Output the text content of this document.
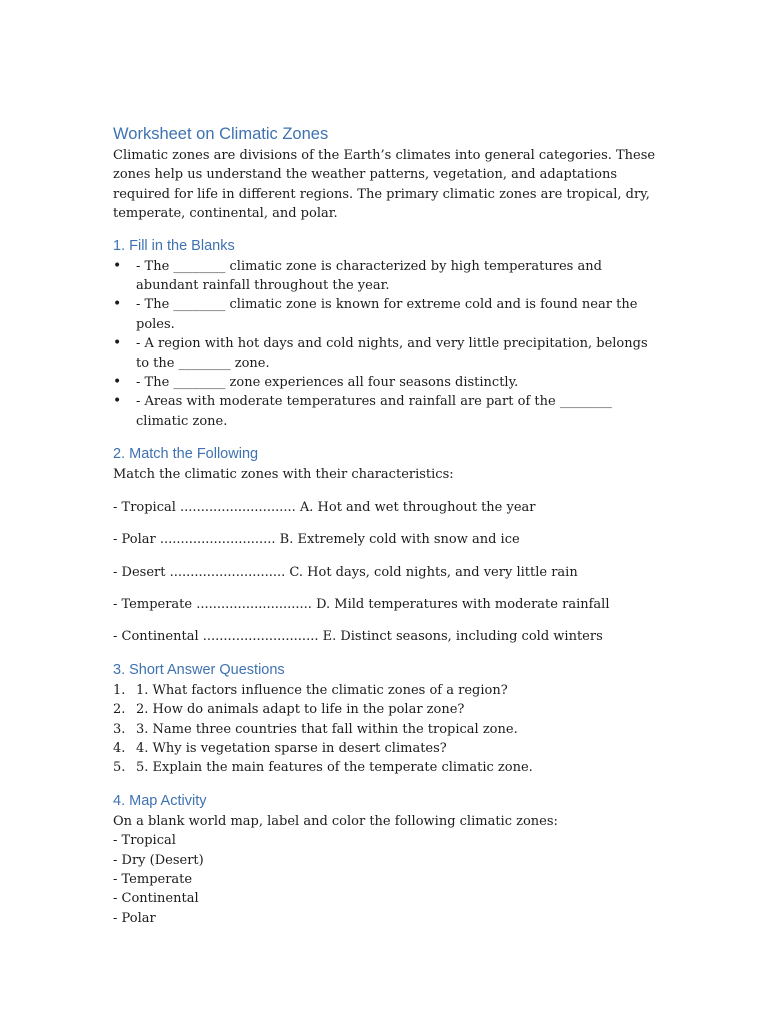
Worksheet on Climatic Zones

Climatic zones are divisions of the Earth’s climates into general categories. These zones help us understand the weather patterns, vegetation, and adaptations required for life in different regions. The primary climatic zones are tropical, dry, temperate, continental, and polar.

1. Fill in the Blanks
• - The ________ climatic zone is characterized by high temperatures and abundant rainfall throughout the year.
• - The ________ climatic zone is known for extreme cold and is found near the poles.
• - A region with hot days and cold nights, and very little precipitation, belongs to the ________ zone.
• - The ________ zone experiences all four seasons distinctly.
• - Areas with moderate temperatures and rainfall are part of the ________ climatic zone.
2. Match the Following

Match the climatic zones with their characteristics:

- Tropical ............................ A. Hot and wet throughout the year

- Polar ............................ B. Extremely cold with snow and ice

- Desert ............................ C. Hot days, cold nights, and very little rain

- Temperate ............................ D. Mild temperatures with moderate rainfall

- Continental ............................ E. Distinct seasons, including cold winters

3. Short Answer Questions
1. 1. What factors influence the climatic zones of a region?
2. 2. How do animals adapt to life in the polar zone?
3. 3. Name three countries that fall within the tropical zone.
4. 4. Why is vegetation sparse in desert climates?
5. 5. Explain the main features of the temperate climatic zone.
4. Map Activity

On a blank world map, label and color the following climatic zones:

- Tropical
- Dry (Desert)
- Temperate
- Continental
- Polar
